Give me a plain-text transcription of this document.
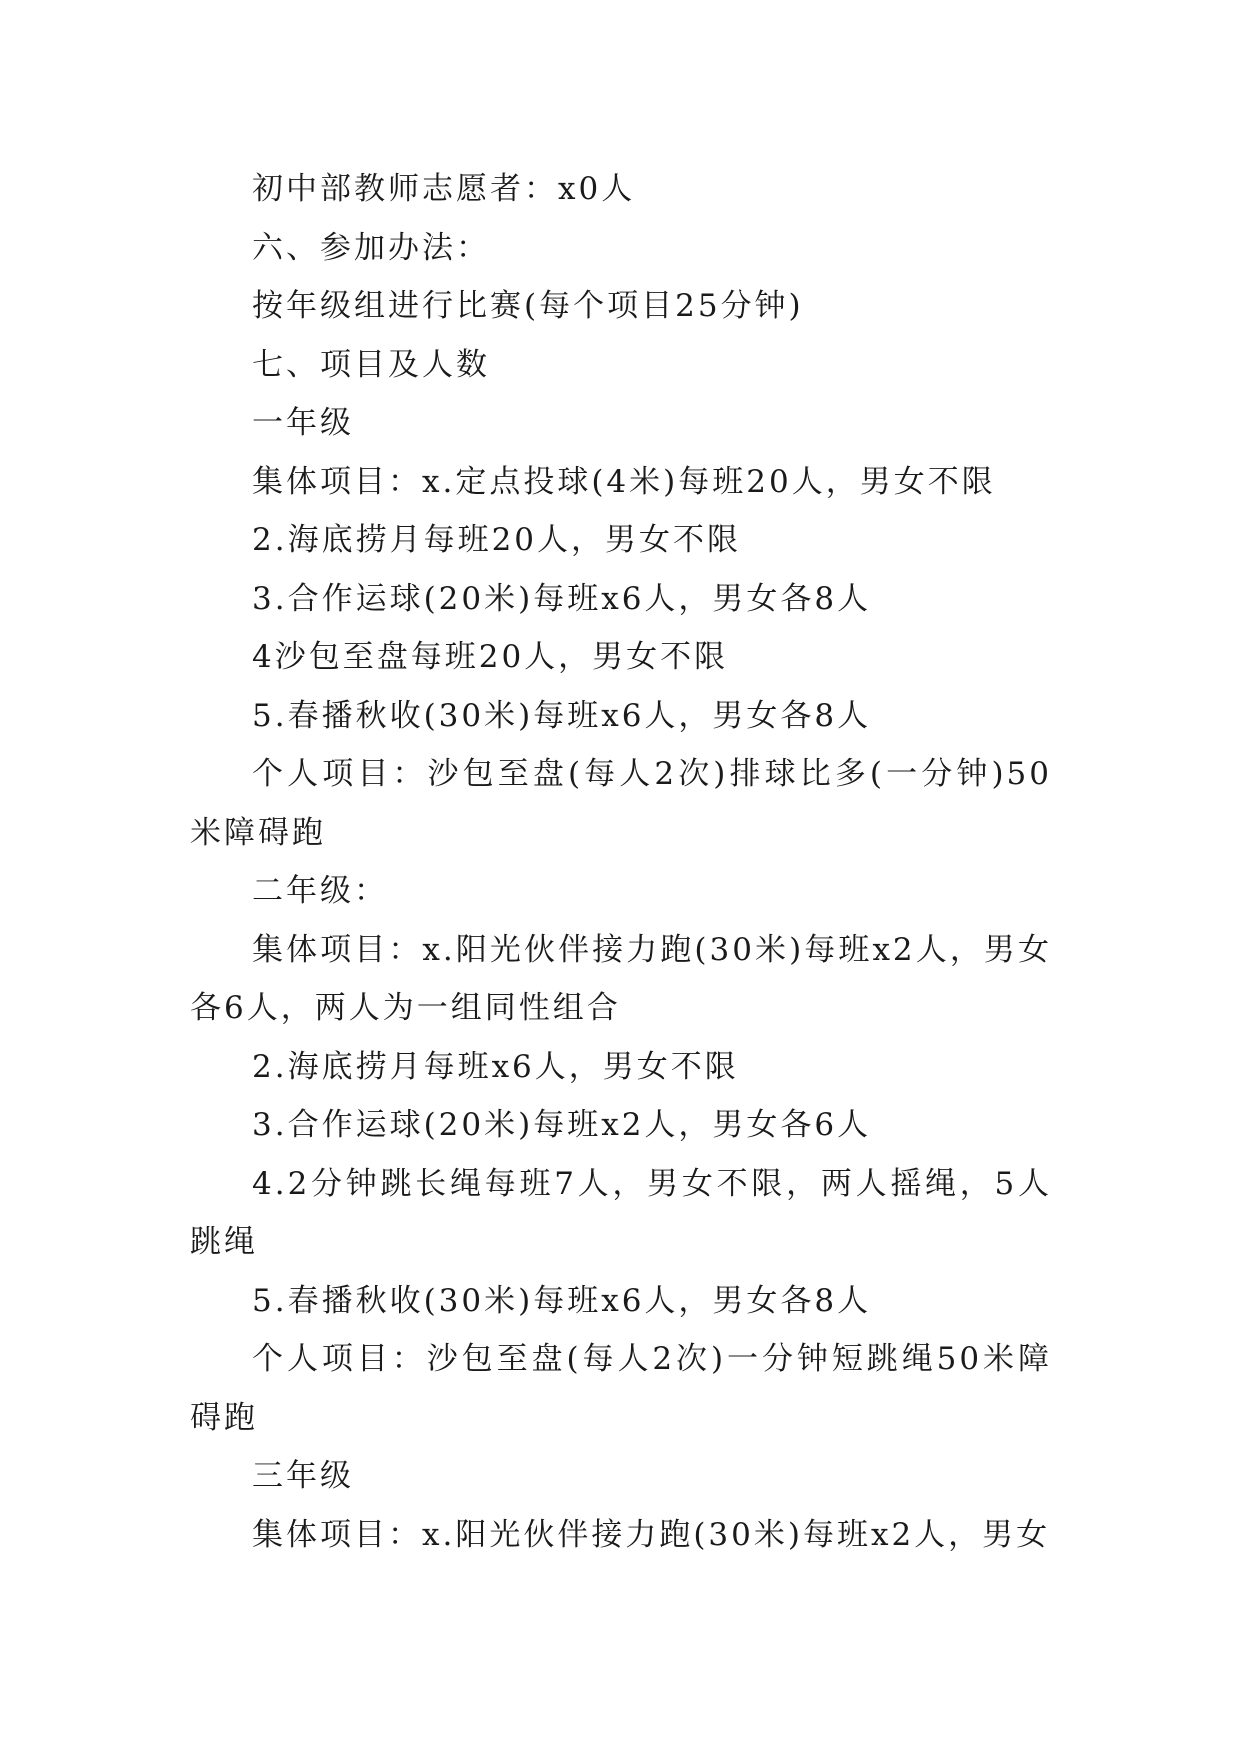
初中部教师志愿者：x0人

六、参加办法：

按年级组进行比赛(每个项目25分钟)

七、项目及人数

一年级

集体项目：x.定点投球(4米)每班20人，男女不限

2.海底捞月每班20人，男女不限

3.合作运球(20米)每班x6人，男女各8人

4沙包至盘每班20人，男女不限

5.春播秋收(30米)每班x6人，男女各8人

个人项目：沙包至盘(每人2次)排球比多(一分钟)50米障碍跑

二年级：

集体项目：x.阳光伙伴接力跑(30米)每班x2人，男女各6人，两人为一组同性组合

2.海底捞月每班x6人，男女不限

3.合作运球(20米)每班x2人，男女各6人

4.2分钟跳长绳每班7人，男女不限，两人摇绳，5人跳绳

5.春播秋收(30米)每班x6人，男女各8人

个人项目：沙包至盘(每人2次)一分钟短跳绳50米障碍跑

三年级

集体项目：x.阳光伙伴接力跑(30米)每班x2人，男女
